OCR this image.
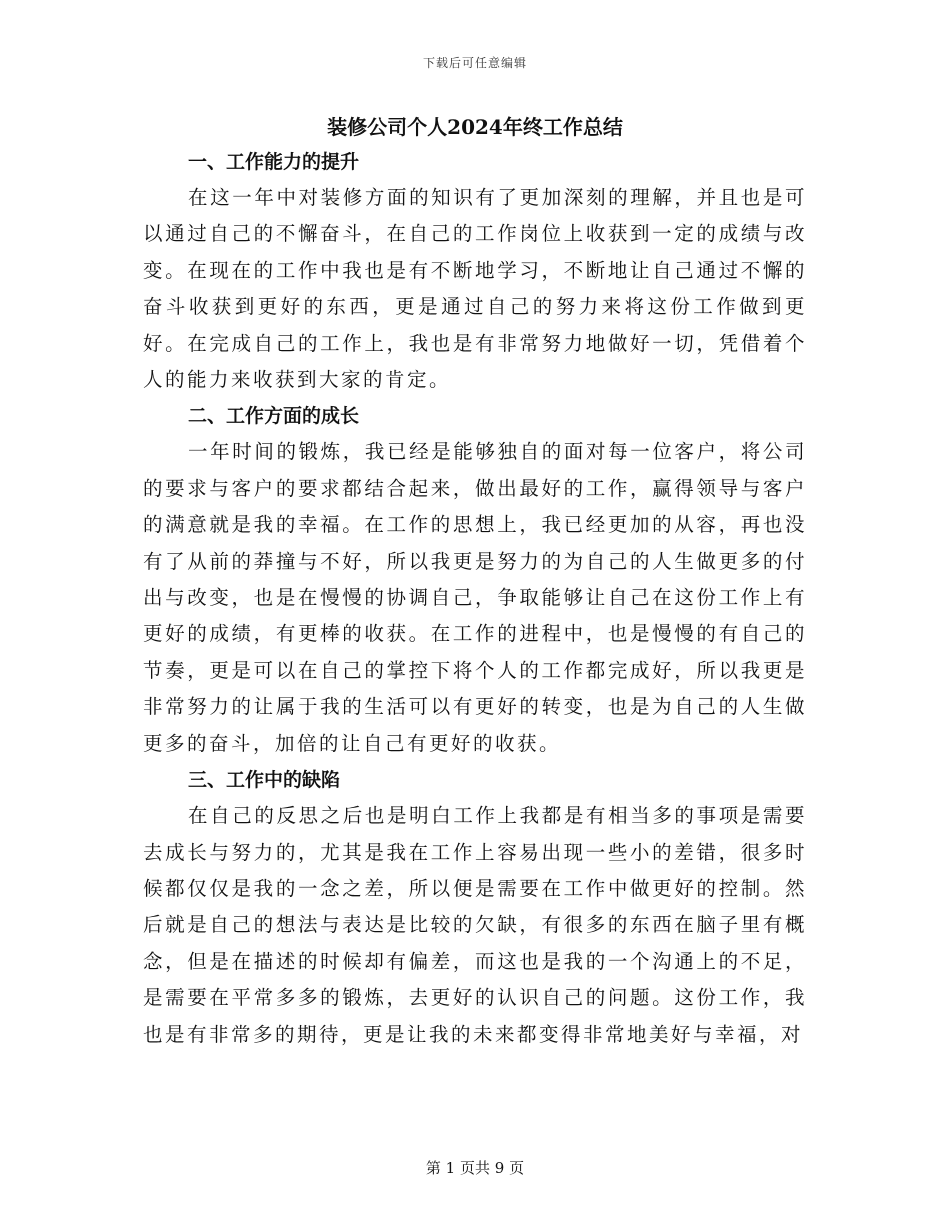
下载后可任意编辑
装修公司个人2024年终工作总结
一、工作能力的提升

在这一年中对装修方面的知识有了更加深刻的理解，并且也是可以通过自己的不懈奋斗，在自己的工作岗位上收获到一定的成绩与改变。在现在的工作中我也是有不断地学习，不断地让自己通过不懈的奋斗收获到更好的东西，更是通过自己的努力来将这份工作做到更好。在完成自己的工作上，我也是有非常努力地做好一切，凭借着个人的能力来收获到大家的肯定。

二、工作方面的成长

一年时间的锻炼，我已经是能够独自的面对每一位客户，将公司的要求与客户的要求都结合起来，做出最好的工作，赢得领导与客户的满意就是我的幸福。在工作的思想上，我已经更加的从容，再也没有了从前的莽撞与不好，所以我更是努力的为自己的人生做更多的付出与改变，也是在慢慢的协调自己，争取能够让自己在这份工作上有更好的成绩，有更棒的收获。在工作的进程中，也是慢慢的有自己的节奏，更是可以在自己的掌控下将个人的工作都完成好，所以我更是非常努力的让属于我的生活可以有更好的转变，也是为自己的人生做更多的奋斗，加倍的让自己有更好的收获。

三、工作中的缺陷

在自己的反思之后也是明白工作上我都是有相当多的事项是需要去成长与努力的，尤其是我在工作上容易出现一些小的差错，很多时候都仅仅是我的一念之差，所以便是需要在工作中做更好的控制。然后就是自己的想法与表达是比较的欠缺，有很多的东西在脑子里有概念，但是在描述的时候却有偏差，而这也是我的一个沟通上的不足，是需要在平常多多的锻炼，去更好的认识自己的问题。这份工作，我也是有非常多的期待，更是让我的未来都变得非常地美好与幸福，对

第 1 页共 9 页
